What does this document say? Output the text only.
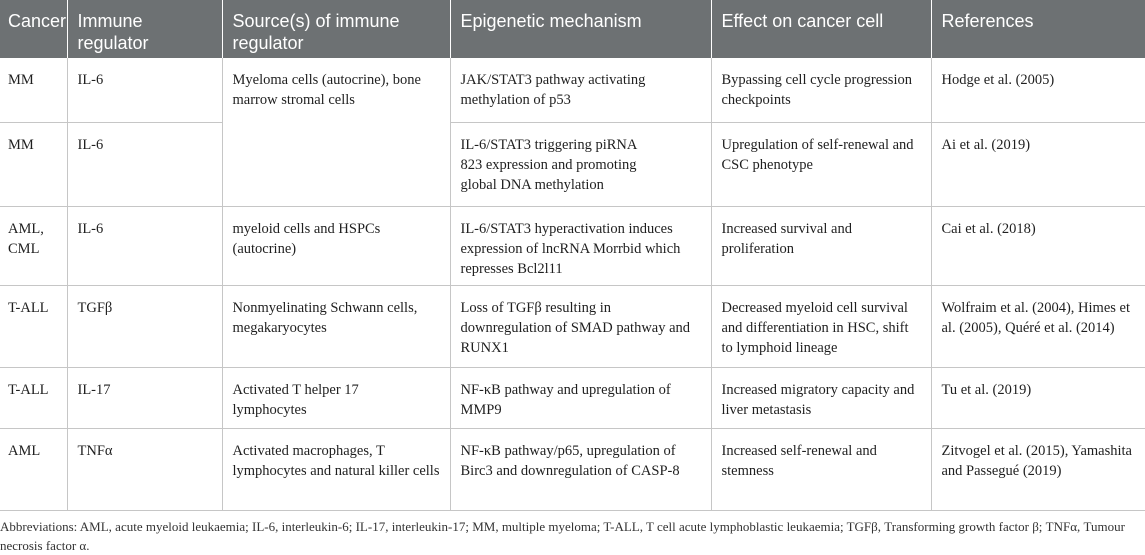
Cancer	Immune regulator	Source(s) of immune regulator	Epigenetic mechanism	Effect on cancer cell	References
MM	IL-6	Myeloma cells (autocrine), bone marrow stromal cells	JAK/STAT3 pathway activating methylation of p53	Bypassing cell cycle progression checkpoints	Hodge et al. (2005)
MM	IL-6		IL-6/STAT3 triggering piRNA 823 expression and promoting global DNA methylation	Upregulation of self-renewal and CSC phenotype	Ai et al. (2019)
AML, CML	IL-6	myeloid cells and HSPCs (autocrine)	IL-6/STAT3 hyperactivation induces expression of lncRNA Morrbid which represses Bcl2l11	Increased survival and proliferation	Cai et al. (2018)
T-ALL	TGFβ	Nonmyelinating Schwann cells, megakaryocytes	Loss of TGFβ resulting in downregulation of SMAD pathway and RUNX1	Decreased myeloid cell survival and differentiation in HSC, shift to lymphoid lineage	Wolfraim et al. (2004), Himes et al. (2005), Quéré et al. (2014)
T-ALL	IL-17	Activated T helper 17 lymphocytes	NF-κB pathway and upregulation of MMP9	Increased migratory capacity and liver metastasis	Tu et al. (2019)
AML	TNFα	Activated macrophages, T lymphocytes and natural killer cells	NF-κB pathway/p65, upregulation of Birc3 and downregulation of CASP-8	Increased self-renewal and stemness	Zitvogel et al. (2015), Yamashita and Passegué (2019)
Abbreviations: AML, acute myeloid leukaemia; IL-6, interleukin-6; IL-17, interleukin-17; MM, multiple myeloma; T-ALL, T cell acute lymphoblastic leukaemia; TGFβ, Transforming growth factor β; TNFα, Tumour necrosis factor α.
